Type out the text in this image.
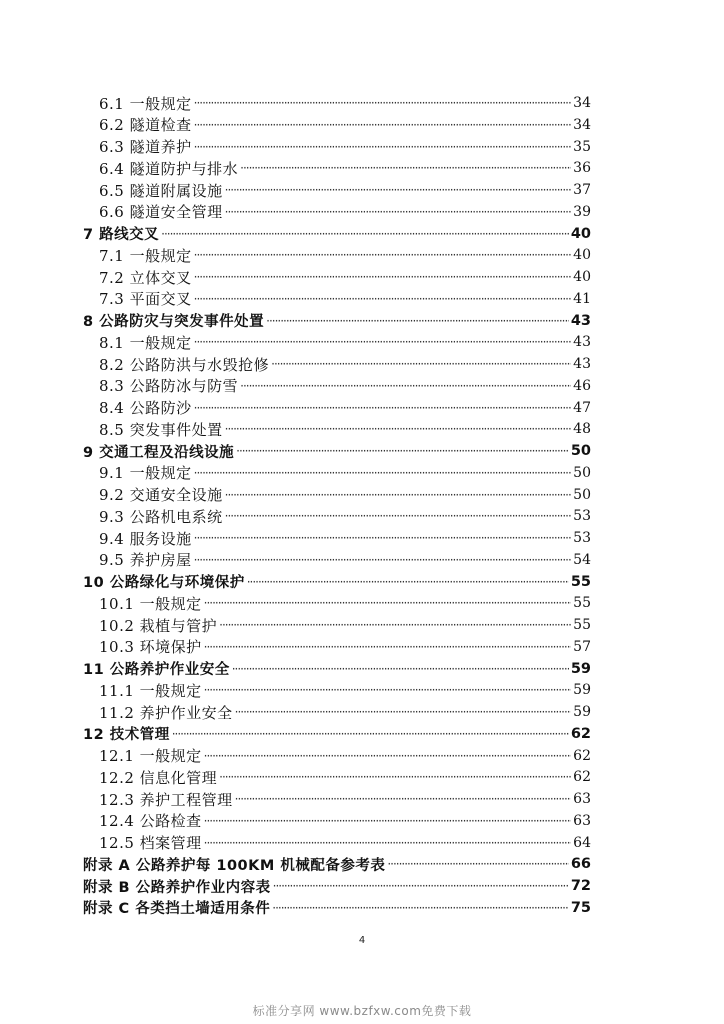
6.1 一般规定 ·····	34
6.2 隧道检查 ·····	34
6.3 隧道养护 ·····	35
6.4 隧道防护与排水 ·····	36
6.5 隧道附属设施 ·····	37
6.6 隧道安全管理 ·····	39
7 路线交叉 ·····	40
7.1 一般规定 ·····	40
7.2 立体交叉 ·····	40
7.3 平面交叉 ·····	41
8 公路防灾与突发事件处置 ·····	43
8.1 一般规定 ·····	43
8.2 公路防洪与水毁抢修 ·····	43
8.3 公路防冰与防雪 ·····	46
8.4 公路防沙 ·····	47
8.5 突发事件处置 ·····	48
9 交通工程及沿线设施 ·····	50
9.1 一般规定 ·····	50
9.2 交通安全设施 ·····	50
9.3 公路机电系统 ·····	53
9.4 服务设施 ·····	53
9.5 养护房屋 ·····	54
10 公路绿化与环境保护 ·····	55
10.1 一般规定 ·····	55
10.2 栽植与管护 ·····	55
10.3 环境保护 ·····	57
11 公路养护作业安全 ·····	59
11.1 一般规定 ·····	59
11.2 养护作业安全 ·····	59
12 技术管理 ·····	62
12.1 一般规定 ·····	62
12.2 信息化管理 ·····	62
12.3 养护工程管理 ·····	63
12.4 公路检查 ·····	63
12.5 档案管理 ·····	64
附录 A 公路养护每 100KM 机械配备参考表 ·····	66
附录 B 公路养护作业内容表 ·····	72
附录 C 各类挡土墙适用条件 ·····	75
4
标准分享网 www.bzfxw.com免费下载
